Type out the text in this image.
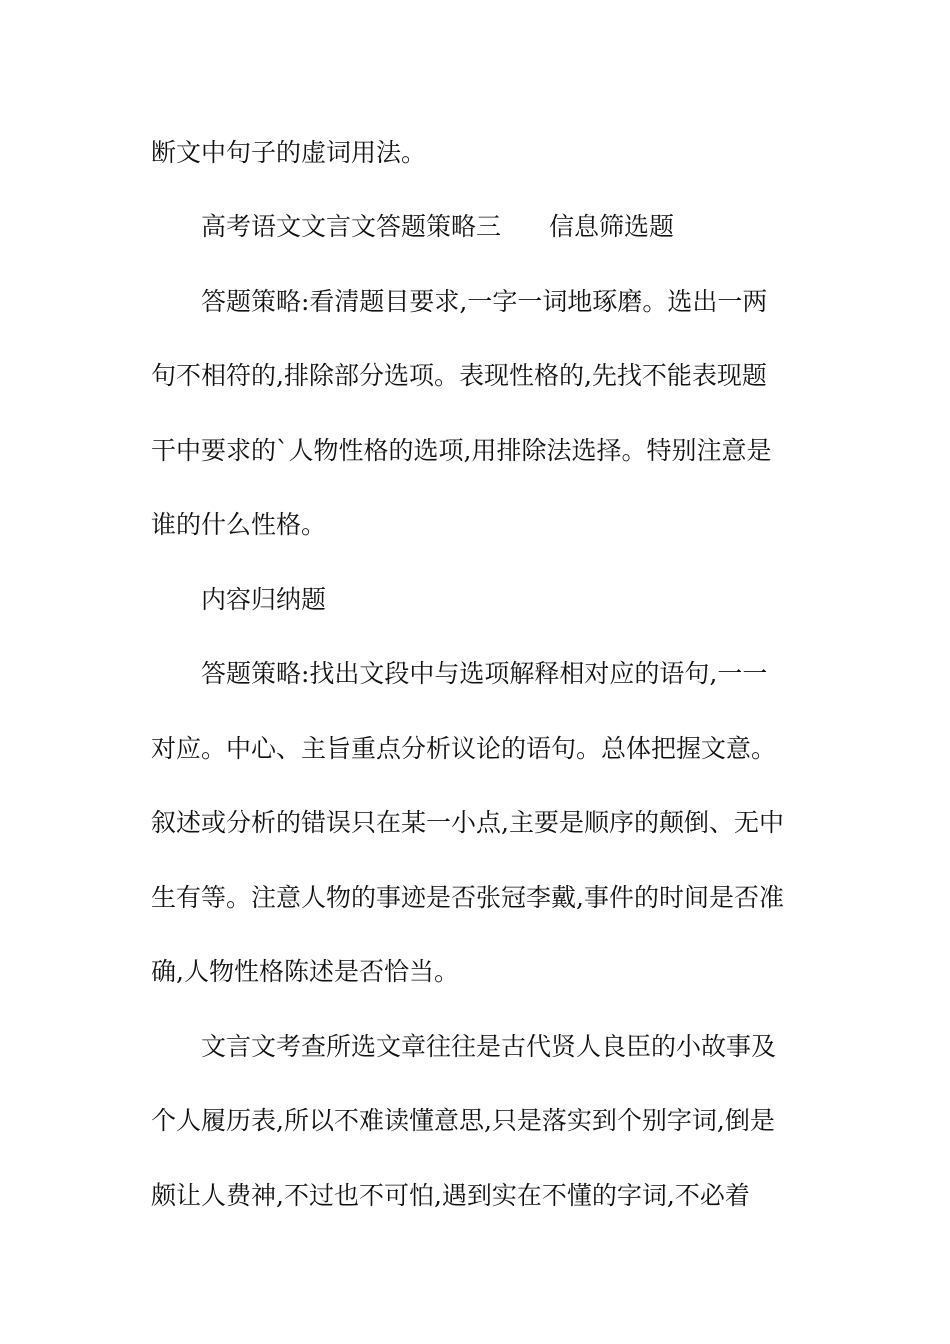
断文中句子的虚词用法。
高考语文文言文答题策略三 信息筛选题
答题策略:看清题目要求,一字一词地琢磨。选出一两
句不相符的,排除部分选项。表现性格的,先找不能表现题
干中要求的`人物性格的选项,用排除法选择。特别注意是
谁的什么性格。
内容归纳题
答题策略:找出文段中与选项解释相对应的语句,一一
对应。中心、主旨重点分析议论的语句。总体把握文意。
叙述或分析的错误只在某一小点,主要是顺序的颠倒、无中
生有等。注意人物的事迹是否张冠李戴,事件的时间是否准
确,人物性格陈述是否恰当。
文言文考查所选文章往往是古代贤人良臣的小故事及
个人履历表,所以不难读懂意思,只是落实到个别字词,倒是
颇让人费神,不过也不可怕,遇到实在不懂的字词,不必着
